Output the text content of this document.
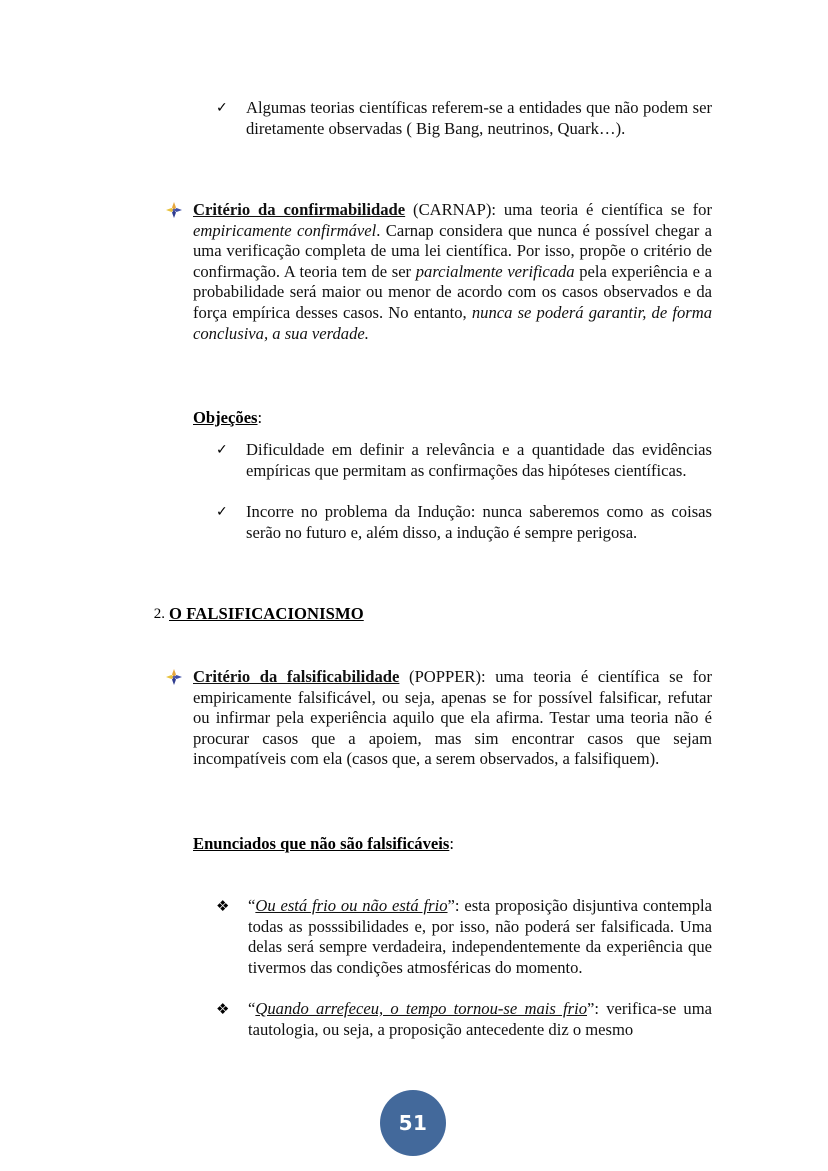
✓	Algumas teorias científicas referem-se a entidades que não podem ser diretamente observadas ( Big Bang, neutrinos, Quark…).
Critério da confirmabilidade (CARNAP): uma teoria é científica se for empiricamente confirmável. Carnap considera que nunca é possível chegar a uma verificação completa de uma lei científica. Por isso, propõe o critério de confirmação. A teoria tem de ser parcialmente verificada pela experiência e a probabilidade será maior ou menor de acordo com os casos observados e da força empírica desses casos. No entanto, nunca se poderá garantir, de forma conclusiva, a sua verdade.
Objeções:
✓	Dificuldade em definir a relevância e a quantidade das evidências empíricas que permitam as confirmações das hipóteses científicas.
✓	Incorre no problema da Indução: nunca saberemos como as coisas serão no futuro e, além disso, a indução é sempre perigosa.
2. O FALSIFICACIONISMO
Critério da falsificabilidade (POPPER): uma teoria é científica se for empiricamente falsificável, ou seja, apenas se for possível falsificar, refutar ou infirmar pela experiência aquilo que ela afirma. Testar uma teoria não é procurar casos que a apoiem, mas sim encontrar casos que sejam incompatíveis com ela (casos que, a serem observados, a falsifiquem).
Enunciados que não são falsificáveis:
❖	“Ou está frio ou não está frio”: esta proposição disjuntiva contempla todas as posssibilidades e, por isso, não poderá ser falsificada. Uma delas será sempre verdadeira, independentemente da experiência que tivermos das condições atmosféricas do momento.
❖	“Quando arrefeceu, o tempo tornou-se mais frio”: verifica-se uma tautologia, ou seja, a proposição antecedente diz o mesmo
51
